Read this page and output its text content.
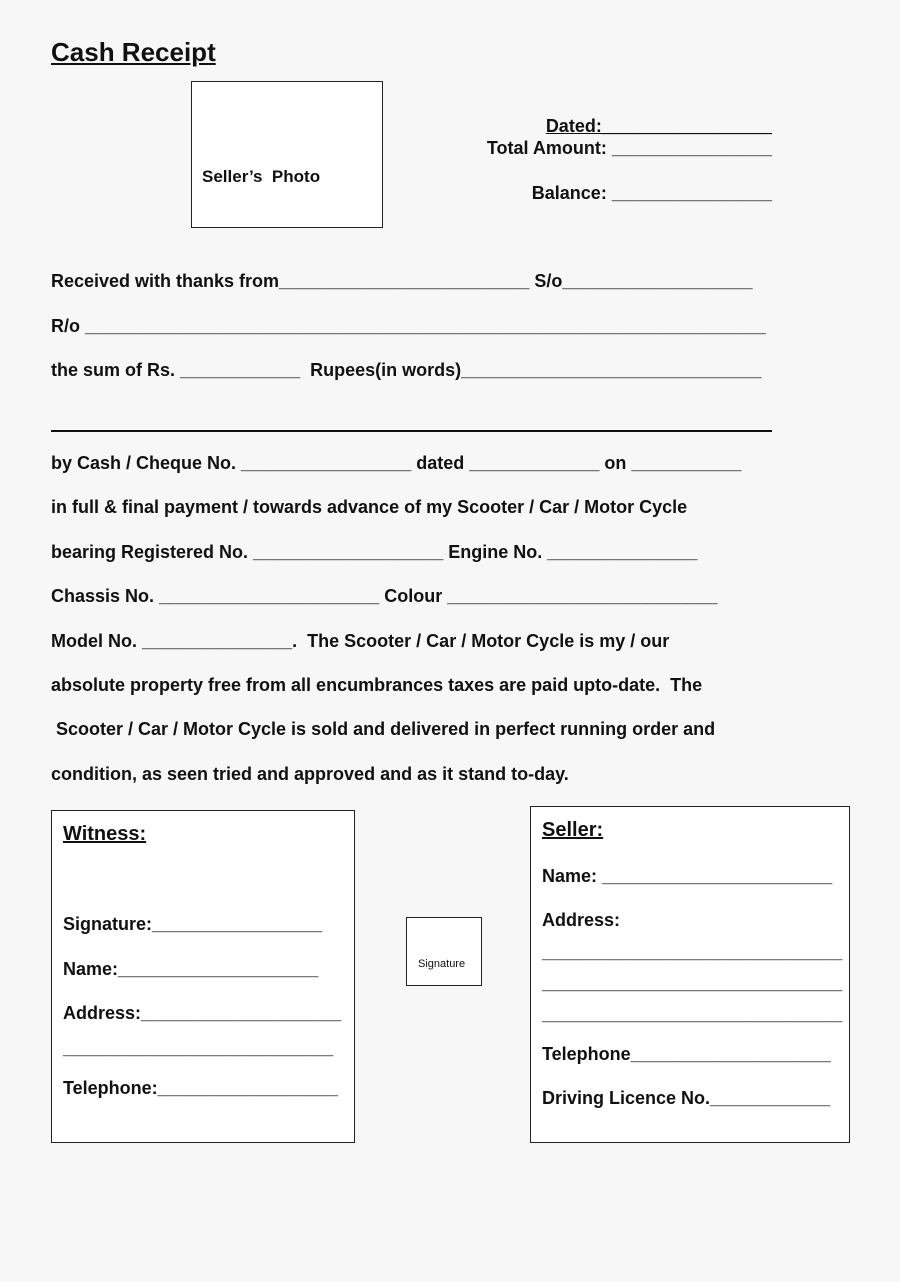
Cash Receipt
Seller’s  Photo

Dated:_________________

Total Amount: ________________
Balance: ________________
Received with thanks from_________________________ S/o___________________
R/o ____________________________________________________________________
the sum of Rs. ____________  Rupees(in words)______________________________
by Cash / Cheque No. _________________ dated _____________ on ___________
in full & final payment / towards advance of my Scooter / Car / Motor Cycle
bearing Registered No. ___________________ Engine No. _______________
Chassis No. ______________________ Colour ___________________________
Model No. _______________.  The Scooter / Car / Motor Cycle is my / our
absolute property free from all encumbrances taxes are paid upto-date.  The
Scooter / Car / Motor Cycle is sold and delivered in perfect running order and
condition, as seen tried and approved and as it stand to-day.
Witness:
Signature:_________________
Name:____________________
Address:____________________
___________________________
Telephone:__________________
Signature
Seller:
Name: _______________________
Address:
______________________________
______________________________
______________________________
Telephone____________________
Driving Licence No.____________
